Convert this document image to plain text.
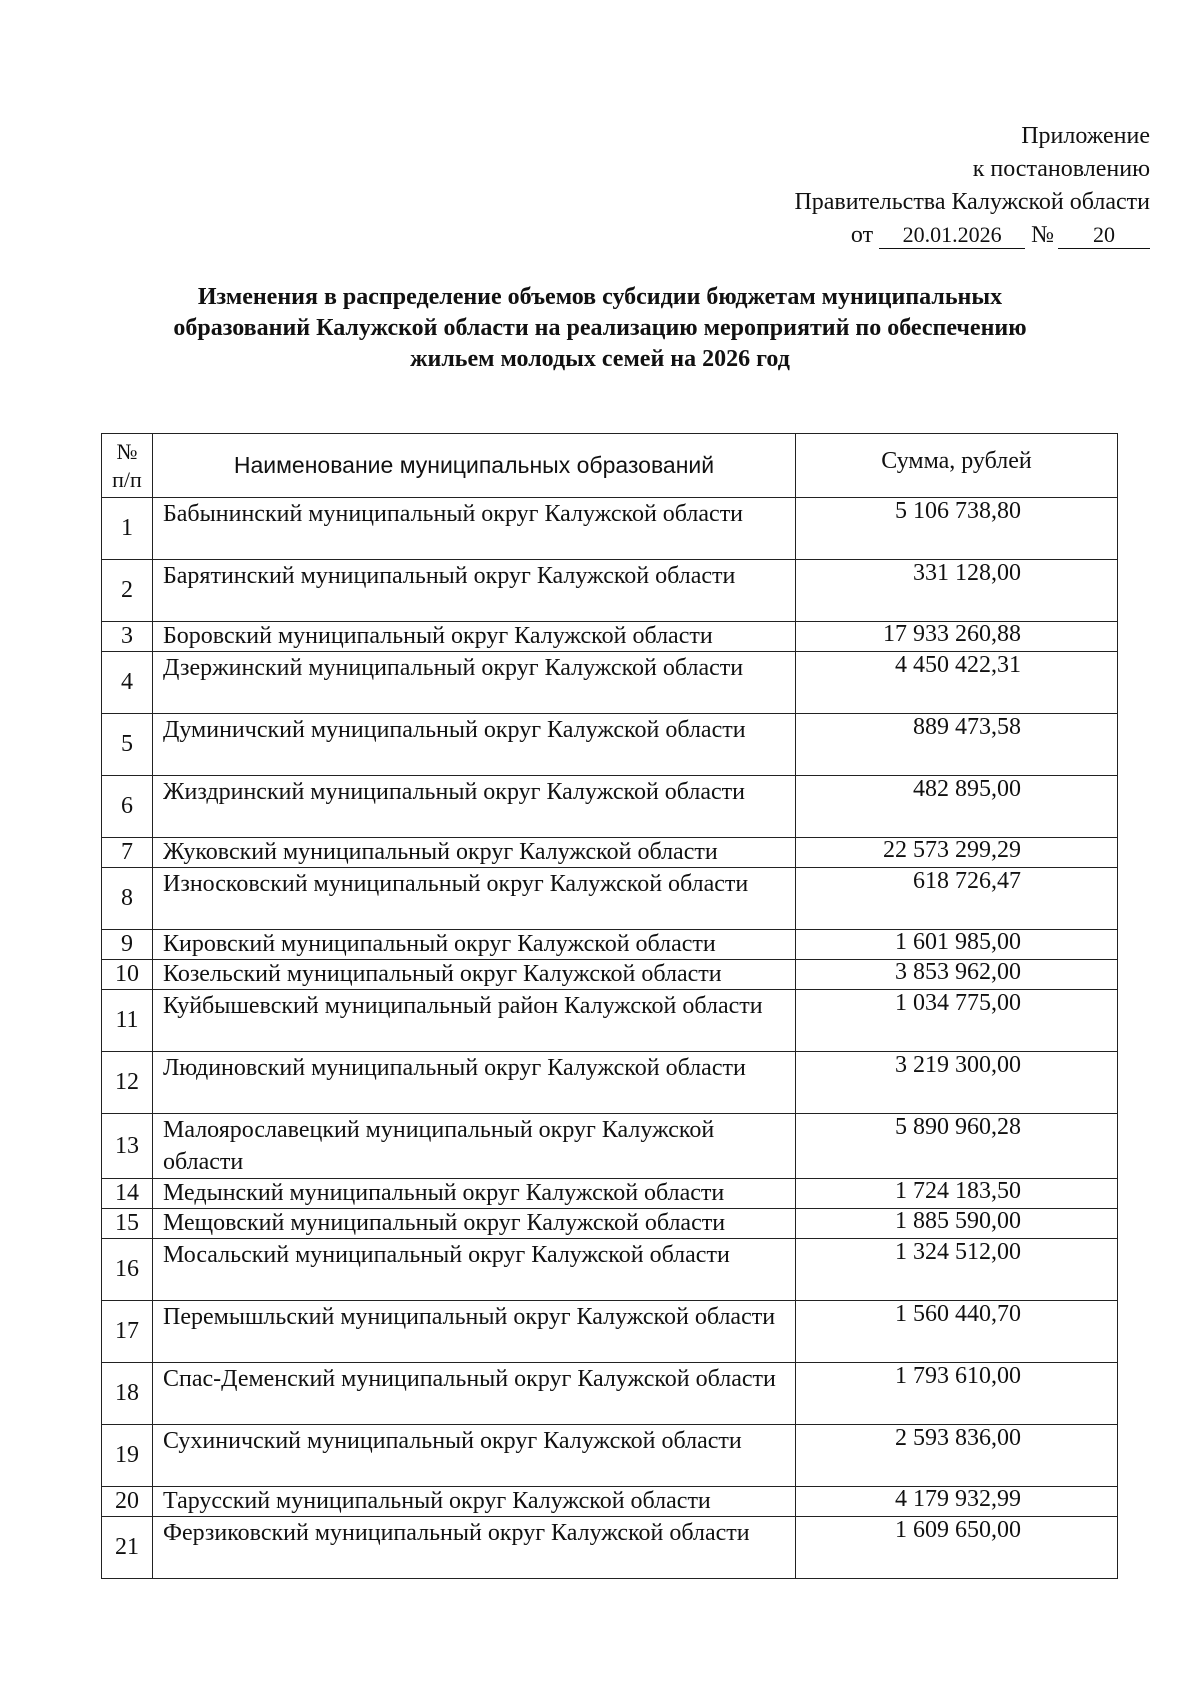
Приложение
к постановлению
Правительства Калужской области
от 20.01.2026 № 20
Изменения в распределение объемов субсидии бюджетам муниципальных
образований Калужской области на реализацию мероприятий по обеспечению
жильем молодых семей на 2026 год
№
п/п	Наименование муниципальных образований	Сумма, рублей
1	Бабынинский муниципальный округ Калужской области	5 106 738,80
2	Барятинский муниципальный округ Калужской области	331 128,00
3	Боровский муниципальный округ Калужской области	17 933 260,88
4	Дзержинский муниципальный округ Калужской области	4 450 422,31
5	Думиничский муниципальный округ Калужской области	889 473,58
6	Жиздринский муниципальный округ Калужской области	482 895,00
7	Жуковский муниципальный округ Калужской области	22 573 299,29
8	Износковский муниципальный округ Калужской области	618 726,47
9	Кировский муниципальный округ Калужской области	1 601 985,00
10	Козельский муниципальный округ Калужской области	3 853 962,00
11	Куйбышевский муниципальный район Калужской области	1 034 775,00
12	Людиновский муниципальный округ Калужской области	3 219 300,00
13	Малоярославецкий муниципальный округ Калужской области	5 890 960,28
14	Медынский муниципальный округ Калужской области	1 724 183,50
15	Мещовский муниципальный округ Калужской области	1 885 590,00
16	Мосальский муниципальный округ Калужской области	1 324 512,00
17	Перемышльский муниципальный округ Калужской области	1 560 440,70
18	Спас-Деменский муниципальный округ Калужской области	1 793 610,00
19	Сухиничский муниципальный округ Калужской области	2 593 836,00
20	Тарусский муниципальный округ Калужской области	4 179 932,99
21	Ферзиковский муниципальный округ Калужской области	1 609 650,00
